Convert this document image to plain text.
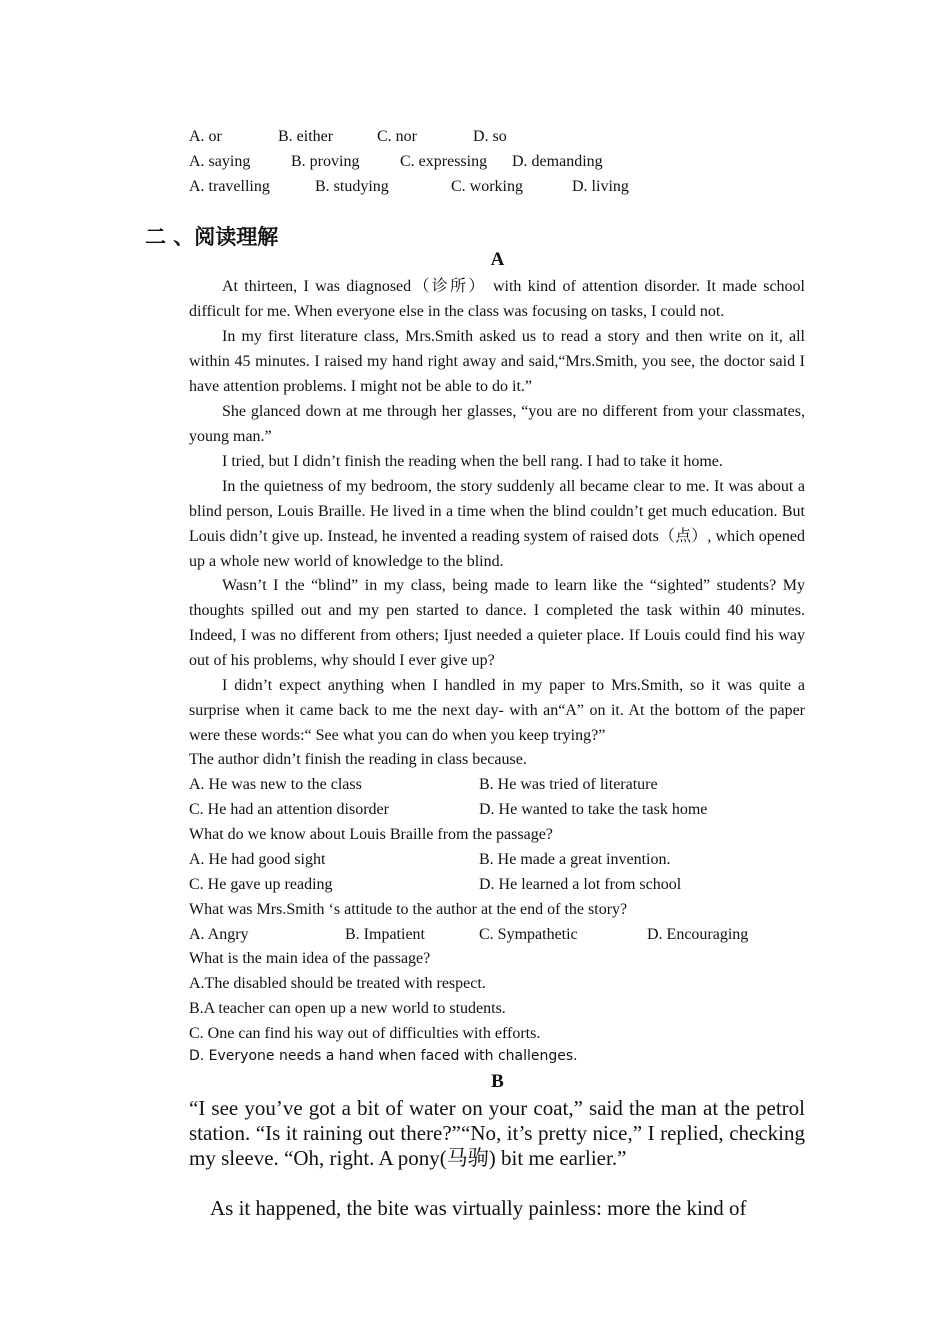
A. or	B. either	C. nor	D. so
A. saying	B. proving	C. expressing D. demanding
A. travelling	B. studying	C. working	D. living
二 、阅读理解
A
At thirteen, I was diagnosed（诊所） with kind of attention disorder. It made school difficult for me. When everyone else in the class was focusing on tasks, I could not.
In my first literature class, Mrs.Smith asked us to read a story and then write on it, all within 45 minutes. I raised my hand right away and said,“Mrs.Smith, you see, the doctor said I have attention problems. I might not be able to do it.”
She glanced down at me through her glasses, “you are no different from your classmates, young man.”
I tried, but I didn’t finish the reading when the bell rang. I had to take it home.
In the quietness of my bedroom, the story suddenly all became clear to me. It was about a blind person, Louis Braille. He lived in a time when the blind couldn’t get much education. But Louis didn’t give up. Instead, he invented a reading system of raised dots（点）, which opened up a whole new world of knowledge to the blind.
Wasn’t I the “blind” in my class, being made to learn like the “sighted” students? My thoughts spilled out and my pen started to dance. I completed the task within 40 minutes. Indeed, I was no different from others; Ijust needed a quieter place. If Louis could find his way out of his problems, why should I ever give up?
I didn’t expect anything when I handled in my paper to Mrs.Smith, so it was quite a surprise when it came back to me the next day- with an“A” on it. At the bottom of the paper were these words:“ See what you can do when you keep trying?”
The author didn’t finish the reading in class because.
A. He was new to the class	B. He was tried of literature
C. He had an attention disorder	D. He wanted to take the task home
What do we know about Louis Braille from the passage?
A. He had good sight	B. He made a great invention.
C. He gave up reading	D. He learned a lot from school
What was Mrs.Smith ‘s attitude to the author at the end of the story?
A. Angry	B. Impatient	C. Sympathetic	D. Encouraging
What is the main idea of the passage?
A.The disabled should be treated with respect.
B.A teacher can open up a new world to students.
C. One can find his way out of difficulties with efforts.
D. Everyone needs a hand when faced with challenges.
B
“I see you’ve got a bit of water on your coat,” said the man at the petrol station. “Is it raining out there?”“No, it’s pretty nice,” I replied, checking my sleeve. “Oh, right. A pony(马驹) bit me earlier.”
As it happened, the bite was virtually painless: more the kind of
